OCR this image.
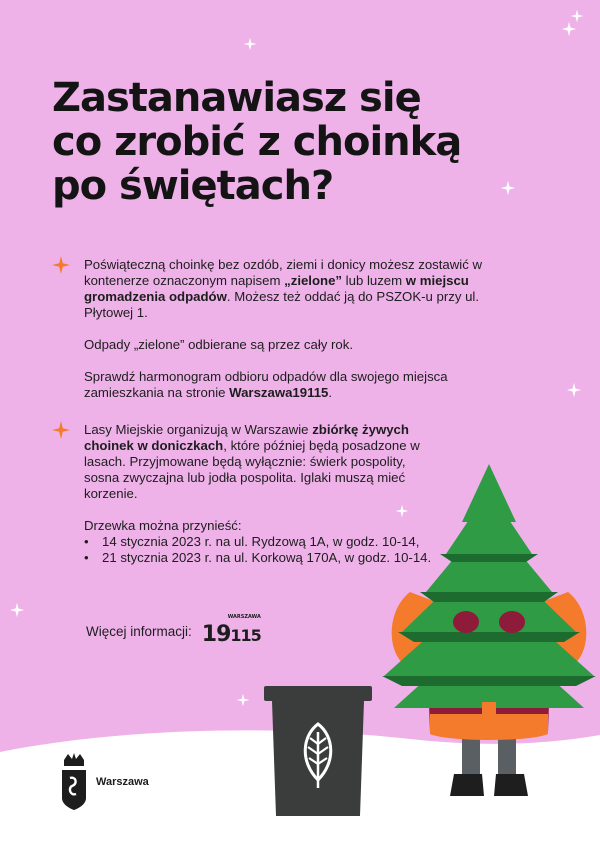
Zastanawiasz się
co zrobić z choinką
po świętach?

Poświąteczną choinkę bez ozdób, ziemi i donicy możesz zostawić w kontenerze oznaczonym napisem „zielone” lub luzem w miejscu gromadzenia odpadów. Możesz też oddać ją do PSZOK-u przy ul. Płytowej 1.

Odpady „zielone” odbierane są przez cały rok.

Sprawdź harmonogram odbioru odpadów dla swojego miejsca zamieszkania na stronie Warszawa19115.

Lasy Miejskie organizują w Warszawie zbiórkę żywych choinek w doniczkach, które później będą posadzone w lasach. Przyjmowane będą wyłącznie: świerk pospolity, sosna zwyczajna lub jodła pospolita. Iglaki muszą mieć korzenie.

Drzewka można przynieść:

• 14 stycznia 2023 r. na ul. Rydzową 1A, w godz. 10-14,
• 21 stycznia 2023 r. na ul. Korkową 170A, w godz. 10-14.
Więcej informacji: 19115
WARSZAWA
Warszawa
